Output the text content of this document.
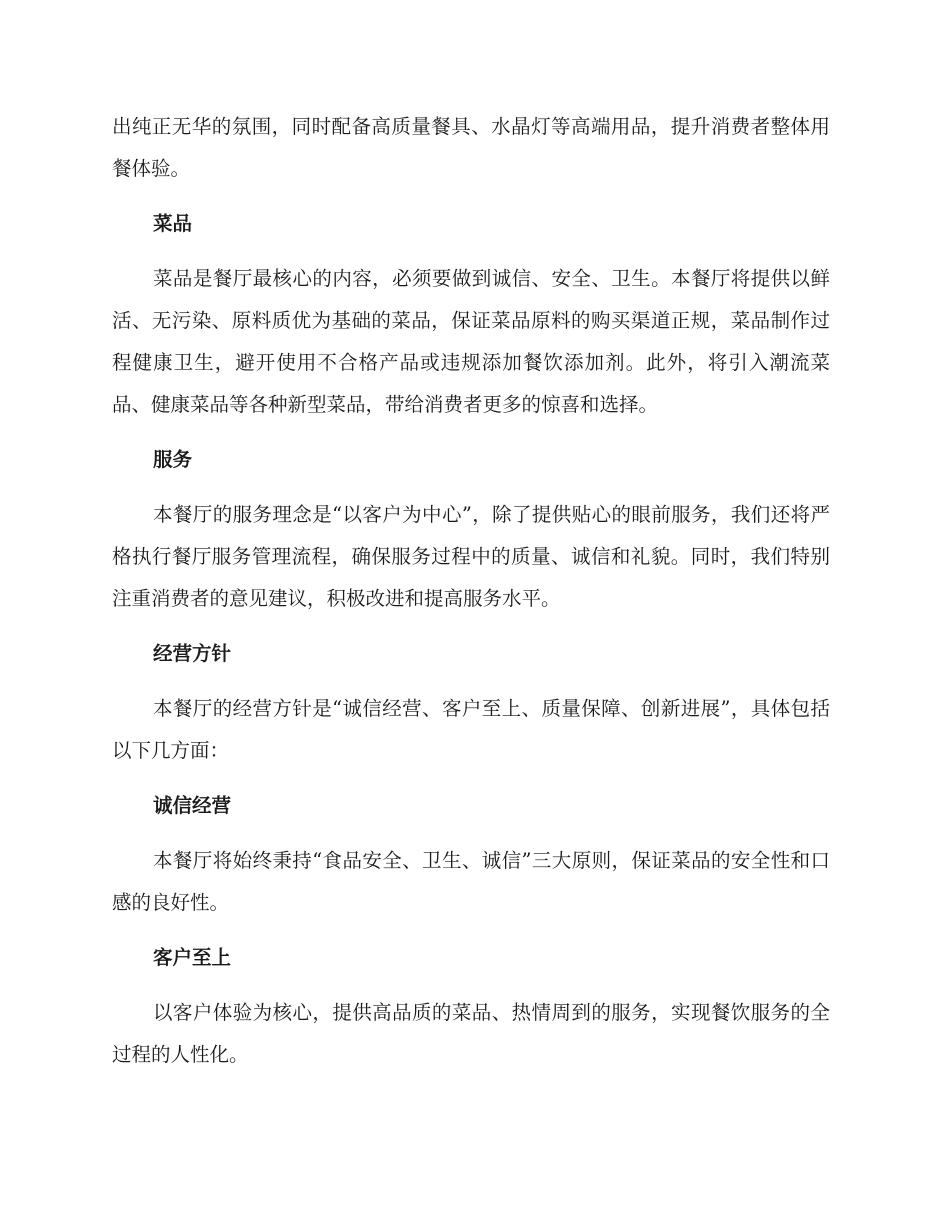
出纯正无华的氛围，同时配备高质量餐具、水晶灯等高端用品，提升消费者整体用餐体验。

菜品

菜品是餐厅最核心的内容，必须要做到诚信、安全、卫生。本餐厅将提供以鲜活、无污染、原料质优为基础的菜品，保证菜品原料的购买渠道正规，菜品制作过程健康卫生，避开使用不合格产品或违规添加餐饮添加剂。此外，将引入潮流菜品、健康菜品等各种新型菜品，带给消费者更多的惊喜和选择。

服务

本餐厅的服务理念是“以客户为中心”，除了提供贴心的眼前服务，我们还将严格执行餐厅服务管理流程，确保服务过程中的质量、诚信和礼貌。同时，我们特别注重消费者的意见建议，积极改进和提高服务水平。

经营方针

本餐厅的经营方针是“诚信经营、客户至上、质量保障、创新进展”，具体包括以下几方面：

诚信经营

本餐厅将始终秉持“食品安全、卫生、诚信”三大原则，保证菜品的安全性和口感的良好性。

客户至上

以客户体验为核心，提供高品质的菜品、热情周到的服务，实现餐饮服务的全过程的人性化。
